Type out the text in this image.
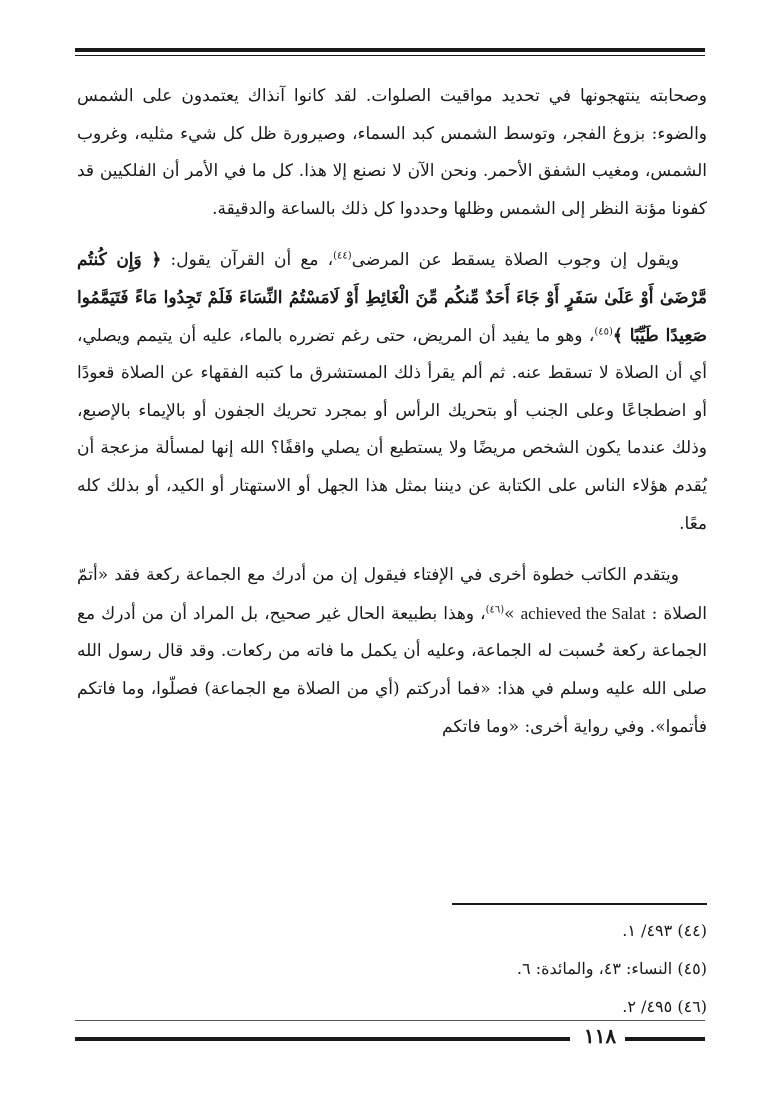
وصحابته ينتهجونها في تحديد مواقيت الصلوات. لقد كانوا آنذاك يعتمدون على الشمس والضوء: بزوغ الفجر، وتوسط الشمس كبد السماء، وصيرورة ظل كل شيء مثليه، وغروب الشمس، ومغيب الشفق الأحمر. ونحن الآن لا نصنع إلا هذا. كل ما في الأمر أن الفلكيين قد كفونا مؤنة النظر إلى الشمس وظلها وحددوا كل ذلك بالساعة والدقيقة.

ويقول إن وجوب الصلاة يسقط عن المرضى$^{(٤٤)}$، مع أن القرآن يقول: ﴿ وَإِن كُنتُم مَّرْضَىٰ أَوْ عَلَىٰ سَفَرٍ أَوْ جَاءَ أَحَدٌ مِّنكُم مِّنَ الْغَائِطِ أَوْ لَامَسْتُمُ النِّسَاءَ فَلَمْ تَجِدُوا مَاءً فَتَيَمَّمُوا صَعِيدًا طَيِّبًا ﴾$^{(٤٥)}$، وهو ما يفيد أن المريض، حتى رغم تضرره بالماء، عليه أن يتيمم ويصلي، أي أن الصلاة لا تسقط عنه. ثم ألم يقرأ ذلك المستشرق ما كتبه الفقهاء عن الصلاة قعودًا أو اضطجاعًا وعلى الجنب أو بتحريك الرأس أو بمجرد تحريك الجفون أو بالإيماء بالإصبع، وذلك عندما يكون الشخص مريضًا ولا يستطيع أن يصلي واقفًا؟ الله إنها لمسألة مزعجة أن يُقدم هؤلاء الناس على الكتابة عن ديننا بمثل هذا الجهل أو الاستهتار أو الكيد، أو بذلك كله معًا.

ويتقدم الكاتب خطوة أخرى في الإفتاء فيقول إن من أدرك مع الجماعة ركعة فقد «أتمّ الصلاة : achieved the Salat »$^{(٤٦)}$، وهذا بطبيعة الحال غير صحيح، بل المراد أن من أدرك مع الجماعة ركعة حُسبت له الجماعة، وعليه أن يكمل ما فاته من ركعات. وقد قال رسول الله صلى الله عليه وسلم في هذا: «فما أدركتم (أي من الصلاة مع الجماعة) فصلّوا، وما فاتكم فأتموا». وفي رواية أخرى: «وما فاتكم

(٤٤) ٤٩٣/ ١.

(٤٥) النساء: ٤٣، والمائدة: ٦.

(٤٦) ٤٩٥/ ٢.

١١٨
